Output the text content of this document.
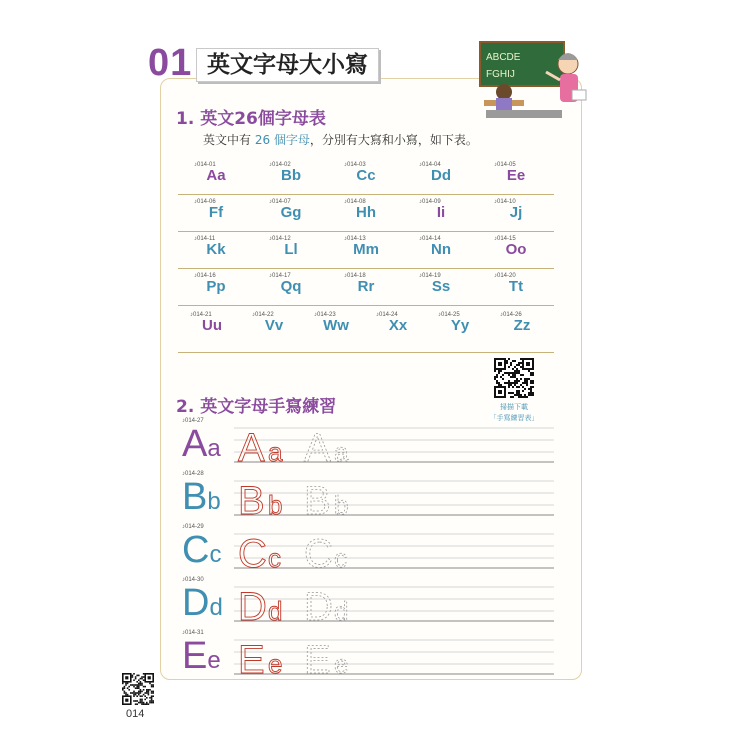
01 英文字母大小寫	ABCDE
FGHIJ
1. 英文26個字母表
英文中有 26 個字母，分別有大寫和小寫，如下表。
♪014-01
Aa
♪014-02
Bb
♪014-03
Cc
♪014-04
Dd
♪014-05
Ee
♪014-06
Ff
♪014-07
Gg
♪014-08
Hh
♪014-09
Ii
♪014-10
Jj
♪014-11
Kk
♪014-12
Ll
♪014-13
Mm
♪014-14
Nn
♪014-15
Oo
♪014-16
Pp
♪014-17
Qq
♪014-18
Rr
♪014-19
Ss
♪014-20
Tt
♪014-21
Uu
♪014-22
Vv
♪014-23
Ww
♪014-24
Xx
♪014-25
Yy
♪014-26
Zz
2. 英文字母手寫練習	掃描下載
「手寫練習表」
♪014-27
Aa A a A a
♪014-28
Bb B b B b
♪014-29
Cc C c C c
♪014-30
Dd D d D d
♪014-31
Ee E e E e
014
